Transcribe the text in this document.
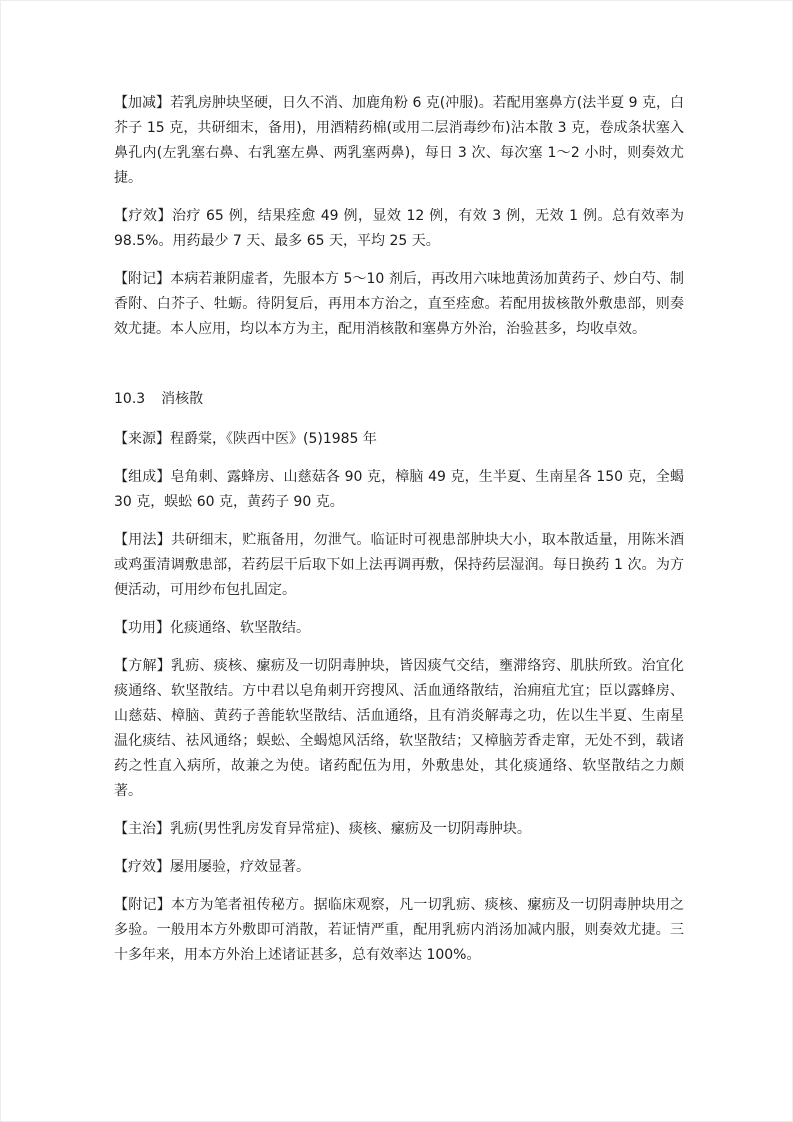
【加减】若乳房肿块坚硬，日久不消、加鹿角粉 6 克(冲服)。若配用塞鼻方(法半夏 9 克，白芥子 15 克，共研细末，备用)，用酒精药棉(或用二层消毒纱布)沾本散 3 克，卷成条状塞入鼻孔内(左乳塞右鼻、右乳塞左鼻、两乳塞两鼻)，每日 3 次、每次塞 1～2 小时，则奏效尤捷。

【疗效】治疗 65 例，结果痊愈 49 例，显效 12 例，有效 3 例，无效 1 例。总有效率为 98.5%。用药最少 7 天、最多 65 天，平均 25 天。

【附记】本病若兼阴虚者，先服本方 5～10 剂后，再改用六味地黄汤加黄药子、炒白芍、制香附、白芥子、牡蛎。待阴复后，再用本方治之，直至痊愈。若配用拔核散外敷患部，则奏效尤捷。本人应用，均以本方为主，配用消核散和塞鼻方外治，治验甚多，均收卓效。

10.3 消核散

【来源】程爵棠，《陕西中医》(5)1985 年

【组成】皂角刺、露蜂房、山慈菇各 90 克，樟脑 49 克，生半夏、生南星各 150 克，全蝎 30 克，蜈蚣 60 克，黄药子 90 克。

【用法】共研细末，贮瓶备用，勿泄气。临证时可视患部肿块大小，取本散适量，用陈米酒或鸡蛋清调敷患部，若药层干后取下如上法再调再敷，保持药层湿润。每日换药 1 次。为方便活动，可用纱布包扎固定。

【功用】化痰通络、软坚散结。

【方解】乳疬、痰核、瘰疬及一切阴毒肿块，皆因痰气交结，壅滞络窍、肌肤所致。治宜化痰通络、软坚散结。方中君以皂角刺开窍搜风、活血通络散结，治痈疽尤宜；臣以露蜂房、山慈菇、樟脑、黄药子善能软坚散结、活血通络，且有消炎解毒之功，佐以生半夏、生南星温化痰结、祛风通络；蜈蚣、全蝎熄风活络，软坚散结；又樟脑芳香走窜，无处不到，载诸药之性直入病所，故兼之为使。诸药配伍为用，外敷患处，其化痰通络、软坚散结之力颇著。

【主治】乳疬(男性乳房发育异常症)、痰核、瘰疬及一切阴毒肿块。

【疗效】屡用屡验，疗效显著。

【附记】本方为笔者祖传秘方。据临床观察，凡一切乳疬、痰核、瘰疬及一切阴毒肿块用之多验。一般用本方外敷即可消散，若证情严重，配用乳疬内消汤加减内服，则奏效尤捷。三十多年来，用本方外治上述诸证甚多，总有效率达 100%。
